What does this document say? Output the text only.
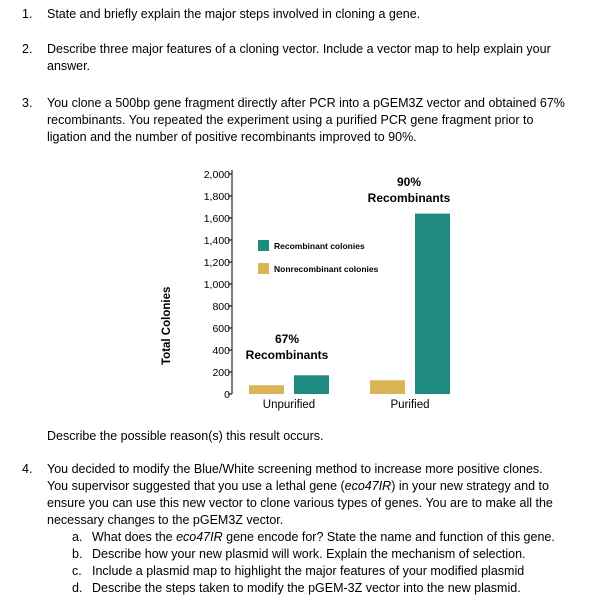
1.	State and briefly explain the major steps involved in cloning a gene.
2.	Describe three major features of a cloning vector. Include a vector map to help explain your
answer.
3.	You clone a 500bp gene fragment directly after PCR into a pGEM3Z vector and obtained 67%
recombinants. You repeated the experiment using a purified PCR gene fragment prior to
ligation and the number of positive recombinants improved to 90%.
Total Colonies
0
200
400
600
800
1,000
1,200
1,400
1,600
1,800
2,000
Unpurified	Purified
Recombinant colonies
Nonrecombinant colonies
67%
Recombinants
90%
Recombinants
Describe the possible reason(s) this result occurs.
4.	You decided to modify the Blue/White screening method to increase more positive clones.
You supervisor suggested that you use a lethal gene (eco47IR) in your new strategy and to
ensure you can use this new vector to clone various types of genes. You are to make all the
necessary changes to the pGEM3Z vector.
a. What does the eco47IR gene encode for? State the name and function of this gene.
b. Describe how your new plasmid will work. Explain the mechanism of selection.
c. Include a plasmid map to highlight the major features of your modified plasmid
d. Describe the steps taken to modify the pGEM-3Z vector into the new plasmid.
